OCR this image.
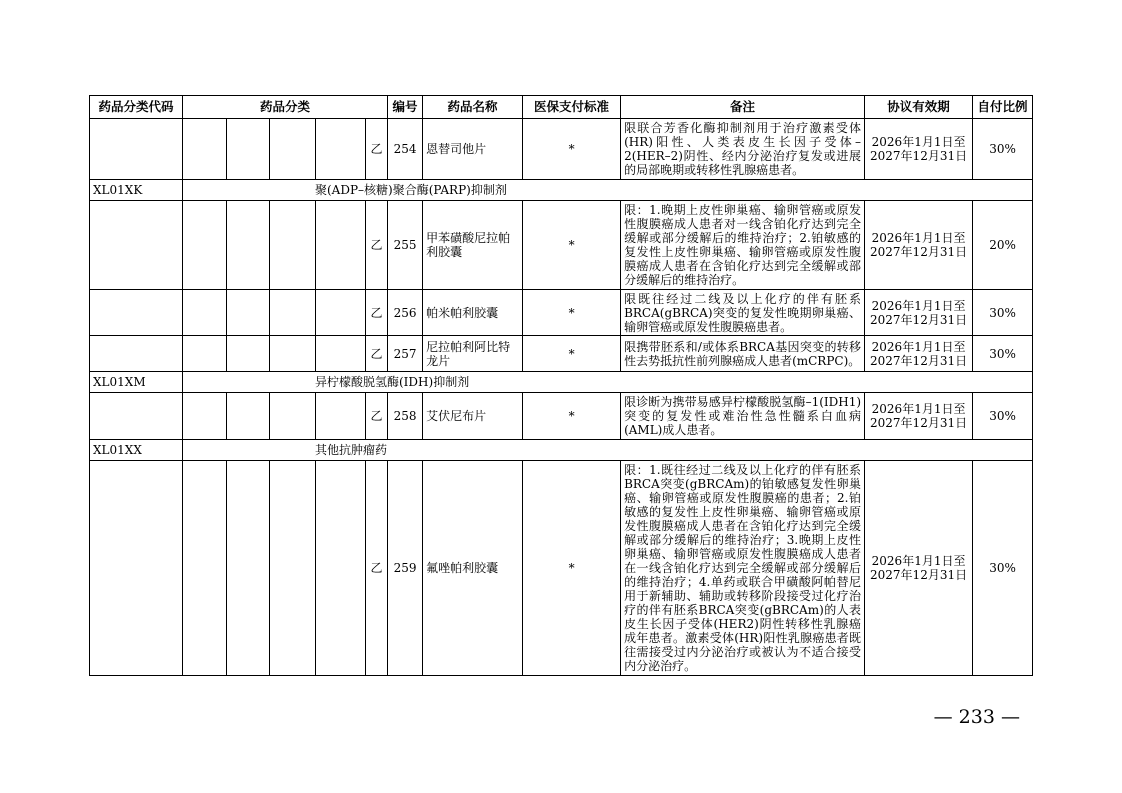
药品分类代码	药品分类					编号	药品名称	医保支付标准	备注	协议有效期	自付比例
					乙	254	恩替司他片	*	限联合芳香化酶抑制剂用于治疗激素受体(HR)阳性、人类表皮生长因子受体–2(HER–2)阴性、经内分泌治疗复发或进展的局部晚期或转移性乳腺癌患者。	2026年1月1日至2027年12月31日	30%
XL01XK	聚(ADP–核糖)聚合酶(PARP)抑制剂										
					乙	255	甲苯磺酸尼拉帕利胶囊	*	限：1.晚期上皮性卵巢癌、输卵管癌或原发性腹膜癌成人患者对一线含铂化疗达到完全缓解或部分缓解后的维持治疗；2.铂敏感的复发性上皮性卵巢癌、输卵管癌或原发性腹膜癌成人患者在含铂化疗达到完全缓解或部分缓解后的维持治疗。	2026年1月1日至2027年12月31日	20%
					乙	256	帕米帕利胶囊	*	限既往经过二线及以上化疗的伴有胚系BRCA(gBRCA)突变的复发性晚期卵巢癌、输卵管癌或原发性腹膜癌患者。	2026年1月1日至2027年12月31日	30%
					乙	257	尼拉帕利阿比特龙片	*	限携带胚系和/或体系BRCA基因突变的转移性去势抵抗性前列腺癌成人患者(mCRPC)。	2026年1月1日至2027年12月31日	30%
XL01XM	异柠檬酸脱氢酶(IDH)抑制剂										
					乙	258	艾伏尼布片	*	限诊断为携带易感异柠檬酸脱氢酶–1(IDH1)突变的复发性或难治性急性髓系白血病(AML)成人患者。	2026年1月1日至2027年12月31日	30%
XL01XX	其他抗肿瘤药										
					乙	259	氟唑帕利胶囊	*	限：1.既往经过二线及以上化疗的伴有胚系BRCA突变(gBRCAm)的铂敏感复发性卵巢癌、输卵管癌或原发性腹膜癌的患者；2.铂敏感的复发性上皮性卵巢癌、输卵管癌或原发性腹膜癌成人患者在含铂化疗达到完全缓解或部分缓解后的维持治疗；3.晚期上皮性卵巢癌、输卵管癌或原发性腹膜癌成人患者在一线含铂化疗达到完全缓解或部分缓解后的维持治疗；4.单药或联合甲磺酸阿帕替尼用于新辅助、辅助或转移阶段接受过化疗治疗的伴有胚系BRCA突变(gBRCAm)的人表皮生长因子受体(HER2)阴性转移性乳腺癌成年患者。激素受体(HR)阳性乳腺癌患者既往需接受过内分泌治疗或被认为不适合接受内分泌治疗。	2026年1月1日至2027年12月31日	30%
— 233 —
